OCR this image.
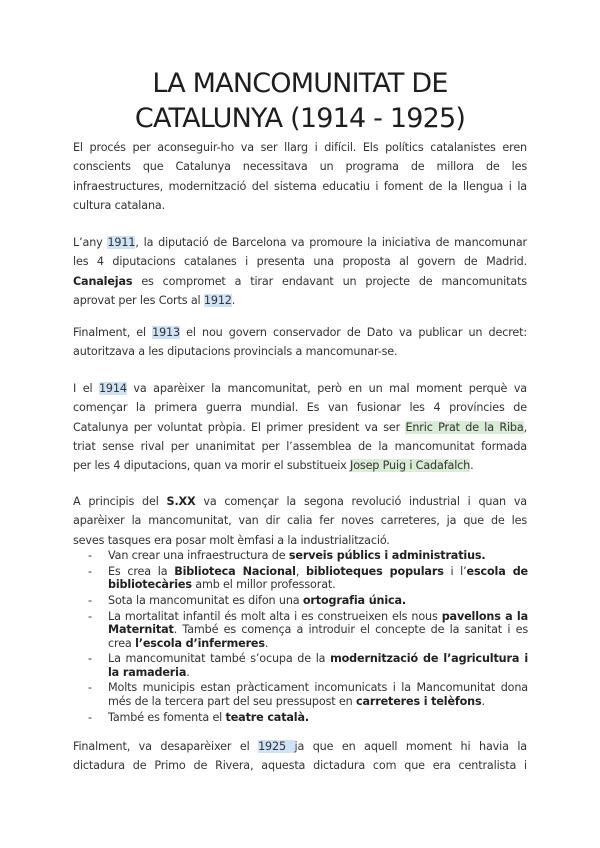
LA MANCOMUNITAT DE
CATALUNYA (1914 - 1925)
El procés per aconseguir-ho va ser llarg i difícil. Els polítics catalanistes eren
conscients que Catalunya necessitava un programa de millora de les
infraestructures, modernització del sistema educatiu i foment de la llengua i la
cultura catalana.
L’any 1911, la diputació de Barcelona va promoure la iniciativa de mancomunar
les 4 diputacions catalanes i presenta una proposta al govern de Madrid.
Canalejas es compromet a tirar endavant un projecte de mancomunitats
aprovat per les Corts al 1912.
Finalment, el 1913 el nou govern conservador de Dato va publicar un decret:
autoritzava a les diputacions provincials a mancomunar-se.
I el 1914 va aparèixer la mancomunitat, però en un mal moment perquè va
començar la primera guerra mundial. Es van fusionar les 4 províncies de
Catalunya per voluntat pròpia. El primer president va ser Enric Prat de la Riba,
triat sense rival per unanimitat per l’assemblea de la mancomunitat formada
per les 4 diputacions, quan va morir el substitueix Josep Puig i Cadafalch.
A principis del S.XX va començar la segona revolució industrial i quan va
aparèixer la mancomunitat, van dir calia fer noves carreteres, ja que de les
seves tasques era posar molt èmfasi a la industrialització.
- Van crear una infraestructura de serveis públics i administratius.
- Es crea la Biblioteca Nacional, biblioteques populars i l’escola de bibliotecàries amb el millor professorat.
- Sota la mancomunitat es difon una ortografia única.
- La mortalitat infantil és molt alta i es construeixen els nous pavellons a la Maternitat. També es comença a introduir el concepte de la sanitat i es crea l’escola d’infermeres.
- La mancomunitat també s’ocupa de la modernització de l’agricultura i la ramaderia.
- Molts municipis estan pràcticament incomunicats i la Mancomunitat dona més de la tercera part del seu pressupost en carreteres i telèfons.
- També es fomenta el teatre català.
Finalment, va desaparèixer el 1925 ja que en aquell moment hi havia la
dictadura de Primo de Rivera, aquesta dictadura com que era centralista i
